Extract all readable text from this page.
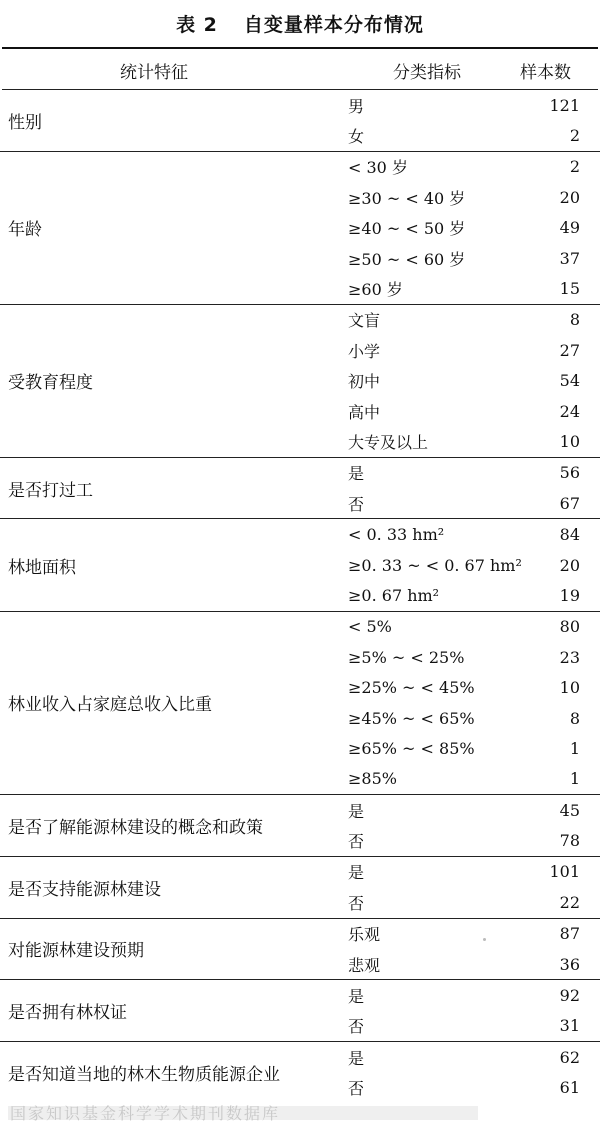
表 2 自变量样本分布情况
统计特征	分类指标	样本数
性别
男	121
女	2
年龄
< 30 岁	2
≥30 ~ < 40 岁	20
≥40 ~ < 50 岁	49
≥50 ~ < 60 岁	37
≥60 岁	15
受教育程度
文盲	8
小学	27
初中	54
高中	24
大专及以上	10
是否打过工
是	56
否	67
林地面积
< 0. 33 hm²	84
≥0. 33 ~ < 0. 67 hm² 20
≥0. 67 hm²	19
林业收入占家庭总收入比重
< 5%	80
≥5% ~ < 25%	23
≥25% ~ < 45%	10
≥45% ~ < 65%	8
≥65% ~ < 85%	1
≥85%	1
是否了解能源林建设的概念和政策
是	45
否	78
是否支持能源林建设
是	101
否	22
对能源林建设预期
乐观	87
悲观	36
是否拥有林权证
是	92
否	31
是否知道当地的林木生物质能源企业
是	62
否	61
国家知识基金科学学术期刊数据库
